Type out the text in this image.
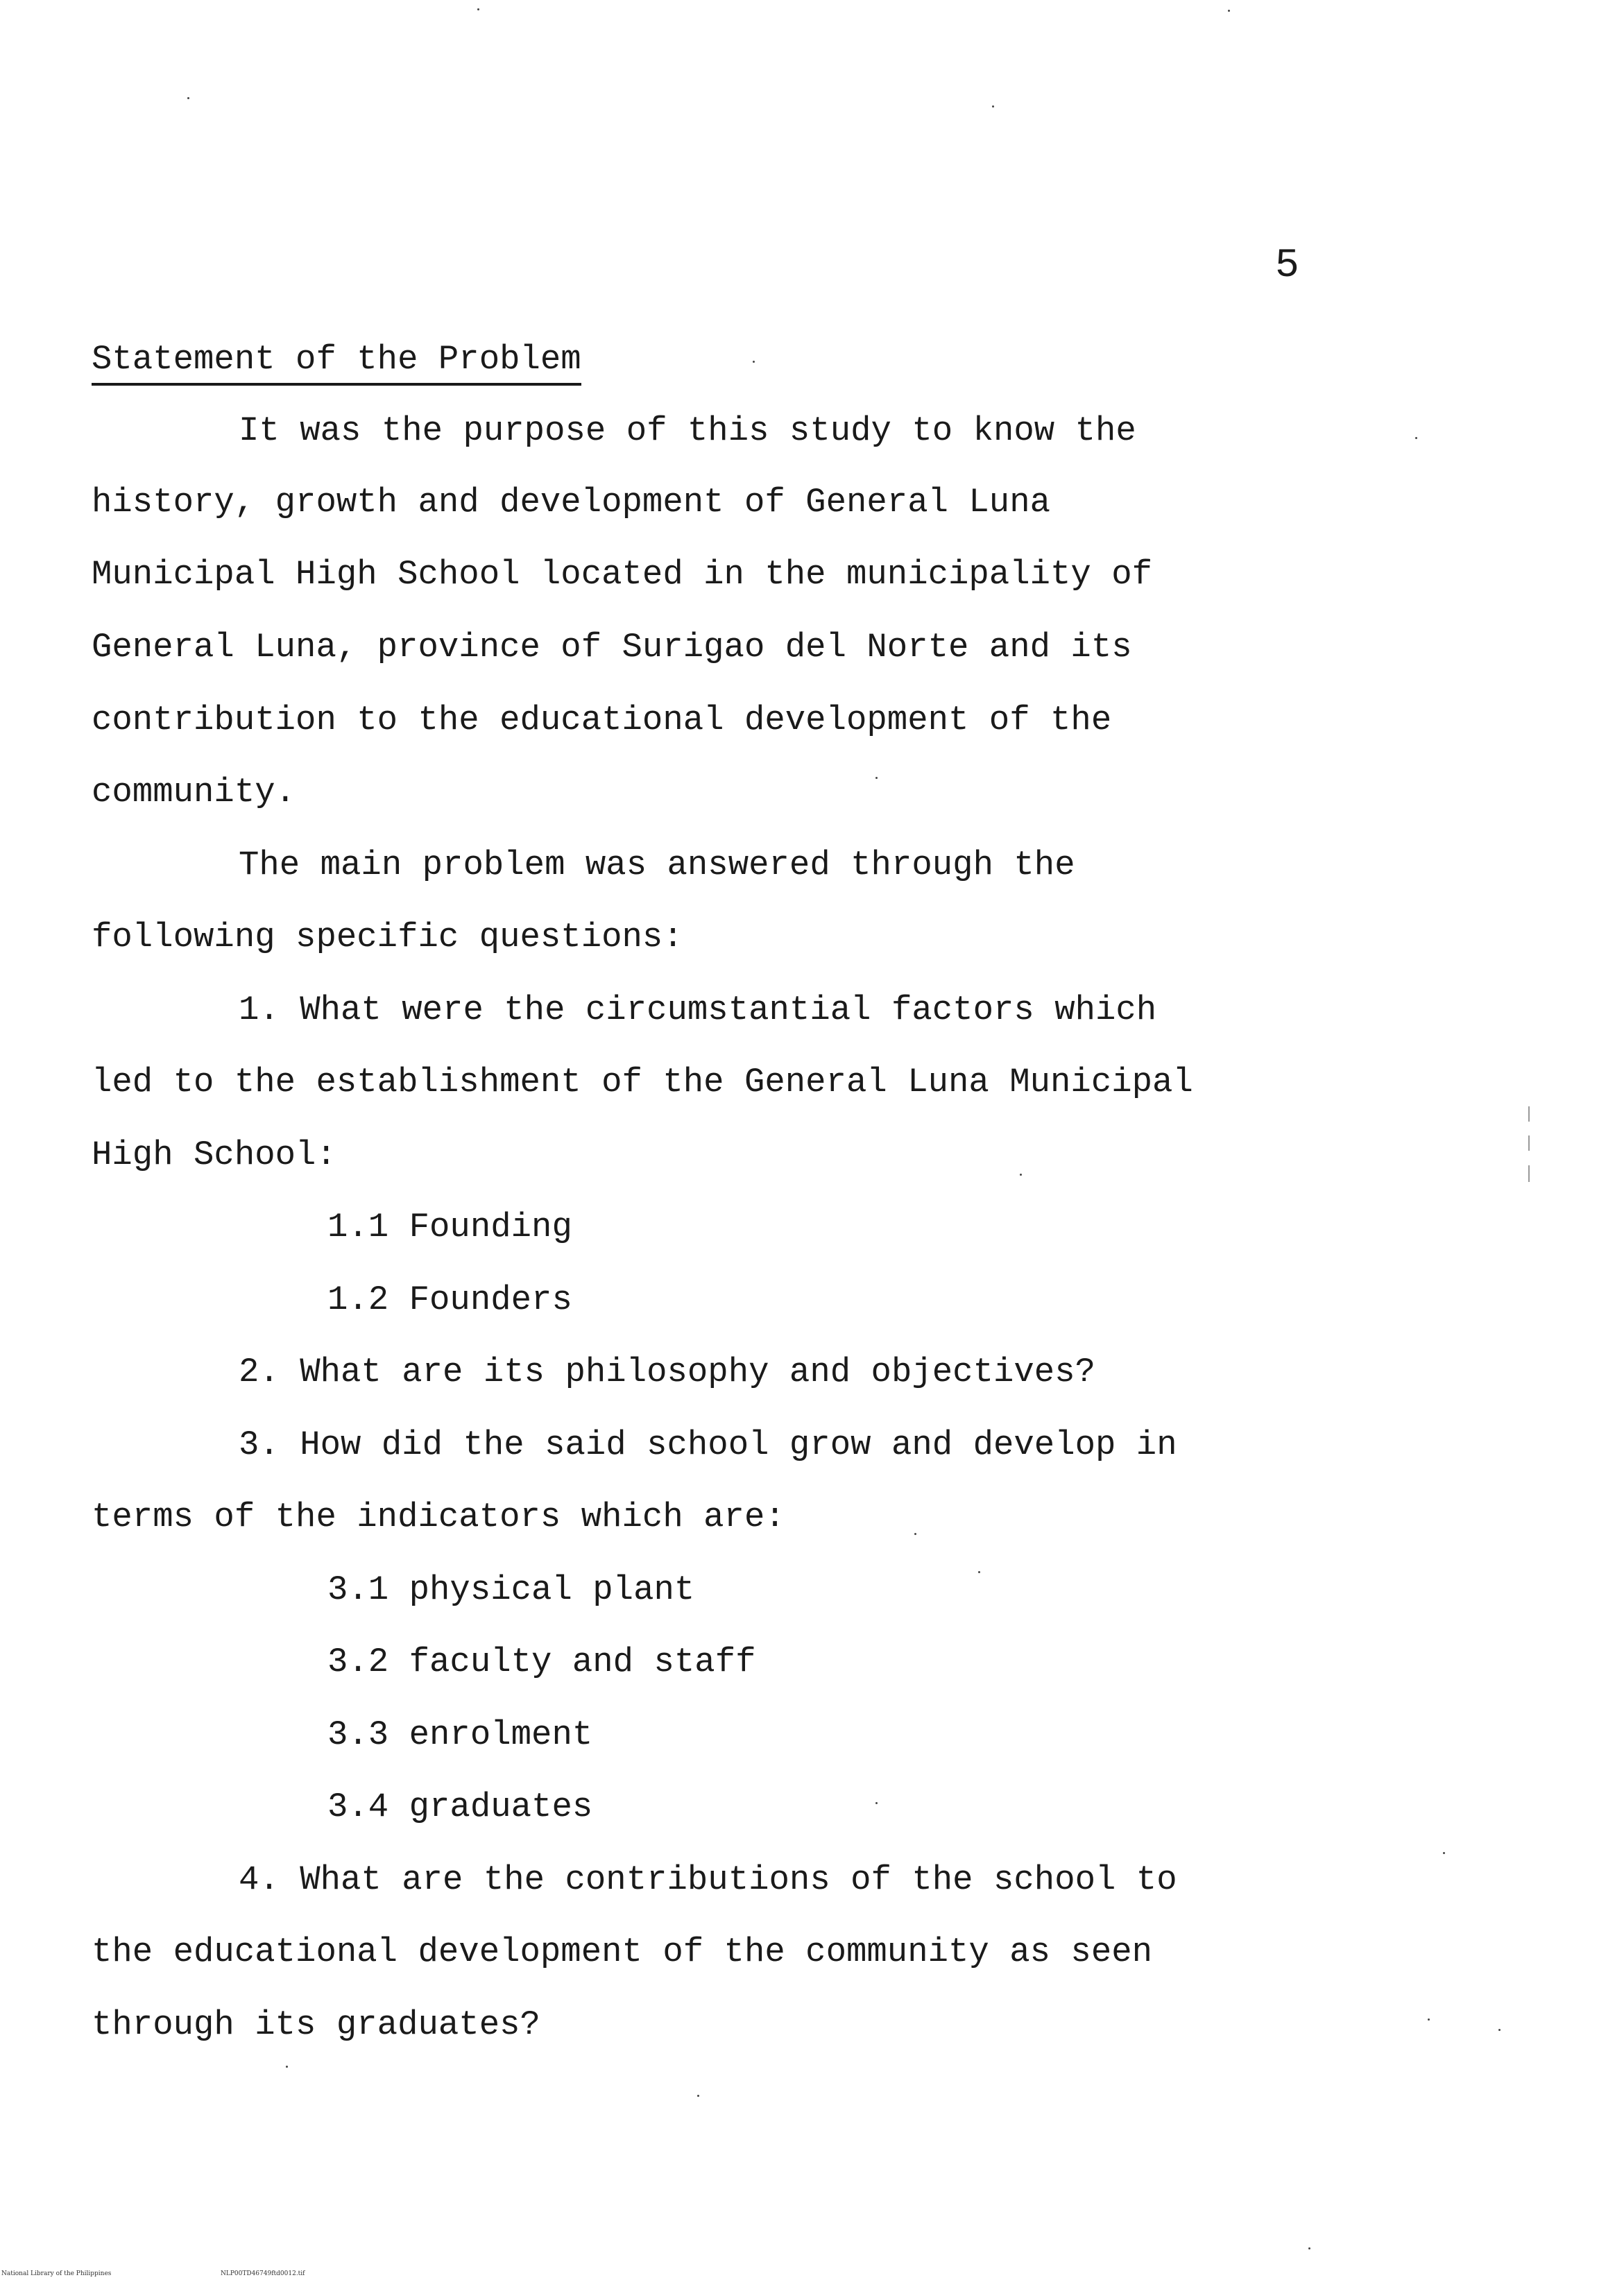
5
Statement of the Problem
It was the purpose of this study to know the
history, growth and development of General Luna
Municipal High School located in the municipality of
General Luna, province of Surigao del Norte and its
contribution to the educational development of the
community.
The main problem was answered through the
following specific questions:
1. What were the circumstantial factors which
led to the establishment of the General Luna Municipal
High School:
1.1 Founding
1.2 Founders
2. What are its philosophy and objectives?
3. How did the said school grow and develop in
terms of the indicators which are:
3.1 physical plant
3.2 faculty and staff
3.3 enrolment
3.4 graduates
4. What are the contributions of the school to
the educational development of the community as seen
through its graduates?
National Library of the Philippines	NLP00TD46749ftd0012.tif
